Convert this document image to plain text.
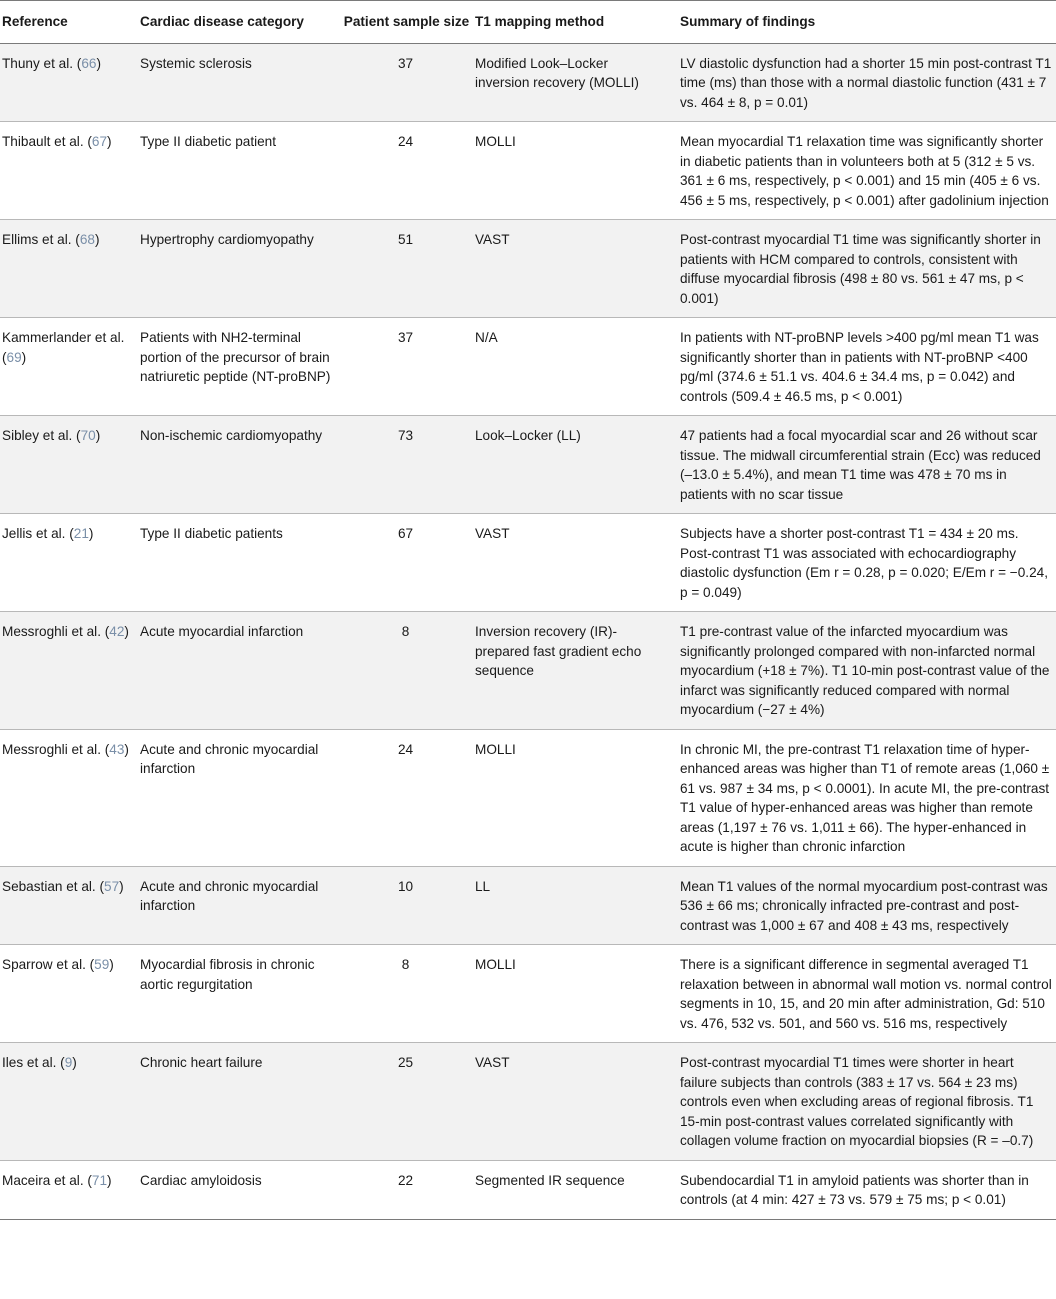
Reference	Cardiac disease category	Patient sample size	T1 mapping method	Summary of findings
Thuny et al. (66)	Systemic sclerosis	37	Modified Look–Locker inversion recovery (MOLLI)	LV diastolic dysfunction had a shorter 15 min post-contrast T1 time (ms) than those with a normal diastolic function (431 ± 7 vs. 464 ± 8, p = 0.01)
Thibault et al. (67)	Type II diabetic patient	24	MOLLI	Mean myocardial T1 relaxation time was significantly shorter in diabetic patients than in volunteers both at 5 (312 ± 5 vs. 361 ± 6 ms, respectively, p < 0.001) and 15 min (405 ± 6 vs. 456 ± 5 ms, respectively, p < 0.001) after gadolinium injection
Ellims et al. (68)	Hypertrophy cardiomyopathy	51	VAST	Post-contrast myocardial T1 time was significantly shorter in patients with HCM compared to controls, consistent with diffuse myocardial fibrosis (498 ± 80 vs. 561 ± 47 ms, p < 0.001)
Kammerlander et al. (69)	Patients with NH2-terminal portion of the precursor of brain natriuretic peptide (NT-proBNP)	37	N/A	In patients with NT-proBNP levels >400 pg/ml mean T1 was significantly shorter than in patients with NT-proBNP <400 pg/ml (374.6 ± 51.1 vs. 404.6 ± 34.4 ms, p = 0.042) and controls (509.4 ± 46.5 ms, p < 0.001)
Sibley et al. (70)	Non-ischemic cardiomyopathy	73	Look–Locker (LL)	47 patients had a focal myocardial scar and 26 without scar tissue. The midwall circumferential strain (Ecc) was reduced (–13.0 ± 5.4%), and mean T1 time was 478 ± 70 ms in patients with no scar tissue
Jellis et al. (21)	Type II diabetic patients	67	VAST	Subjects have a shorter post-contrast T1 = 434 ± 20 ms. Post-contrast T1 was associated with echocardiography diastolic dysfunction (Em r = 0.28, p = 0.020; E/Em r = −0.24, p = 0.049)
Messroghli et al. (42)	Acute myocardial infarction	8	Inversion recovery (IR)-prepared fast gradient echo sequence	T1 pre-contrast value of the infarcted myocardium was significantly prolonged compared with non-infarcted normal myocardium (+18 ± 7%). T1 10-min post-contrast value of the infarct was significantly reduced compared with normal myocardium (−27 ± 4%)
Messroghli et al. (43)	Acute and chronic myocardial infarction	24	MOLLI	In chronic MI, the pre-contrast T1 relaxation time of hyper-enhanced areas was higher than T1 of remote areas (1,060 ± 61 vs. 987 ± 34 ms, p < 0.0001). In acute MI, the pre-contrast T1 value of hyper-enhanced areas was higher than remote areas (1,197 ± 76 vs. 1,011 ± 66). The hyper-enhanced in acute is higher than chronic infarction
Sebastian et al. (57)	Acute and chronic myocardial infarction	10	LL	Mean T1 values of the normal myocardium post-contrast was 536 ± 66 ms; chronically infracted pre-contrast and post-contrast was 1,000 ± 67 and 408 ± 43 ms, respectively
Sparrow et al. (59)	Myocardial fibrosis in chronic aortic regurgitation	8	MOLLI	There is a significant difference in segmental averaged T1 relaxation between in abnormal wall motion vs. normal control segments in 10, 15, and 20 min after administration, Gd: 510 vs. 476, 532 vs. 501, and 560 vs. 516 ms, respectively
Iles et al. (9)	Chronic heart failure	25	VAST	Post-contrast myocardial T1 times were shorter in heart failure subjects than controls (383 ± 17 vs. 564 ± 23 ms) controls even when excluding areas of regional fibrosis. T1 15-min post-contrast values correlated significantly with collagen volume fraction on myocardial biopsies (R = –0.7)
Maceira et al. (71)	Cardiac amyloidosis	22	Segmented IR sequence	Subendocardial T1 in amyloid patients was shorter than in controls (at 4 min: 427 ± 73 vs. 579 ± 75 ms; p < 0.01)
